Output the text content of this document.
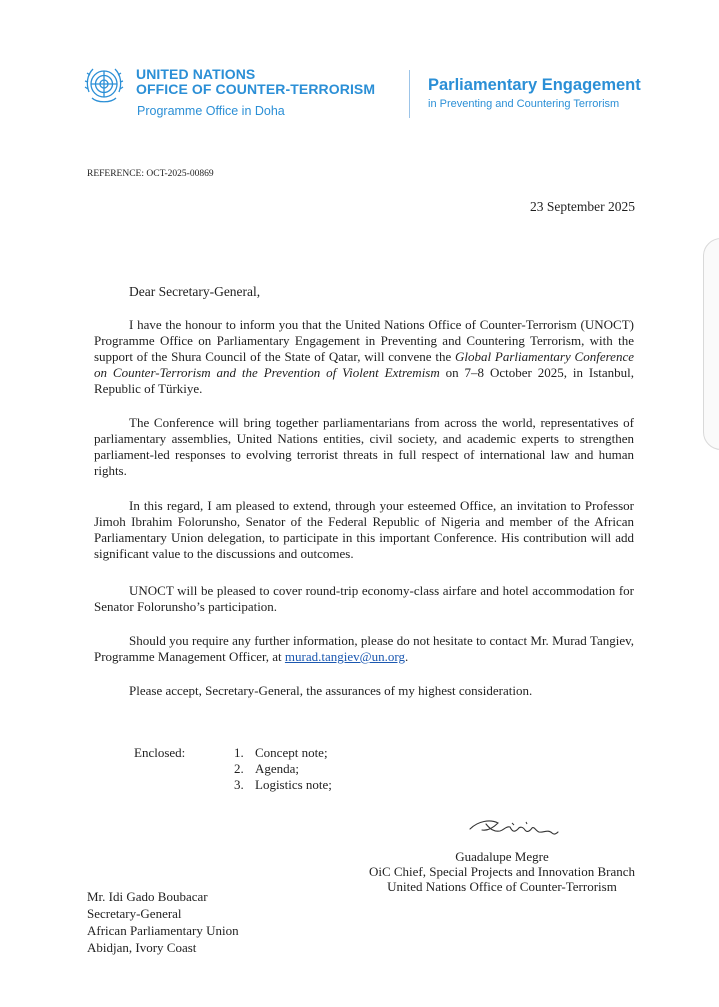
UNITED NATIONS
OFFICE OF COUNTER-TERRORISM
Programme Office in Doha
Parliamentary Engagement
in Preventing and Countering Terrorism
REFERENCE: OCT-2025-00869
23 September 2025
Dear Secretary-General,
I have the honour to inform you that the United Nations Office of Counter-Terrorism (UNOCT) Programme Office on Parliamentary Engagement in Preventing and Countering Terrorism, with the support of the Shura Council of the State of Qatar, will convene the Global Parliamentary Conference on Counter-Terrorism and the Prevention of Violent Extremism on 7–8 October 2025, in Istanbul, Republic of Türkiye.
The Conference will bring together parliamentarians from across the world, representatives of parliamentary assemblies, United Nations entities, civil society, and academic experts to strengthen parliament-led responses to evolving terrorist threats in full respect of international law and human rights.
In this regard, I am pleased to extend, through your esteemed Office, an invitation to Professor Jimoh Ibrahim Folorunsho, Senator of the Federal Republic of Nigeria and member of the African Parliamentary Union delegation, to participate in this important Conference. His contribution will add significant value to the discussions and outcomes.
UNOCT will be pleased to cover round-trip economy-class airfare and hotel accommodation for Senator Folorunsho’s participation.
Should you require any further information, please do not hesitate to contact Mr. Murad Tangiev, Programme Management Officer, at murad.tangiev@un.org.
Please accept, Secretary-General, the assurances of my highest consideration.
Enclosed:	1. Concept note;
2. Agenda;
3. Logistics note;
Guadalupe Megre
OiC Chief, Special Projects and Innovation Branch
United Nations Office of Counter-Terrorism
Mr. Idi Gado Boubacar
Secretary-General
African Parliamentary Union
Abidjan, Ivory Coast
